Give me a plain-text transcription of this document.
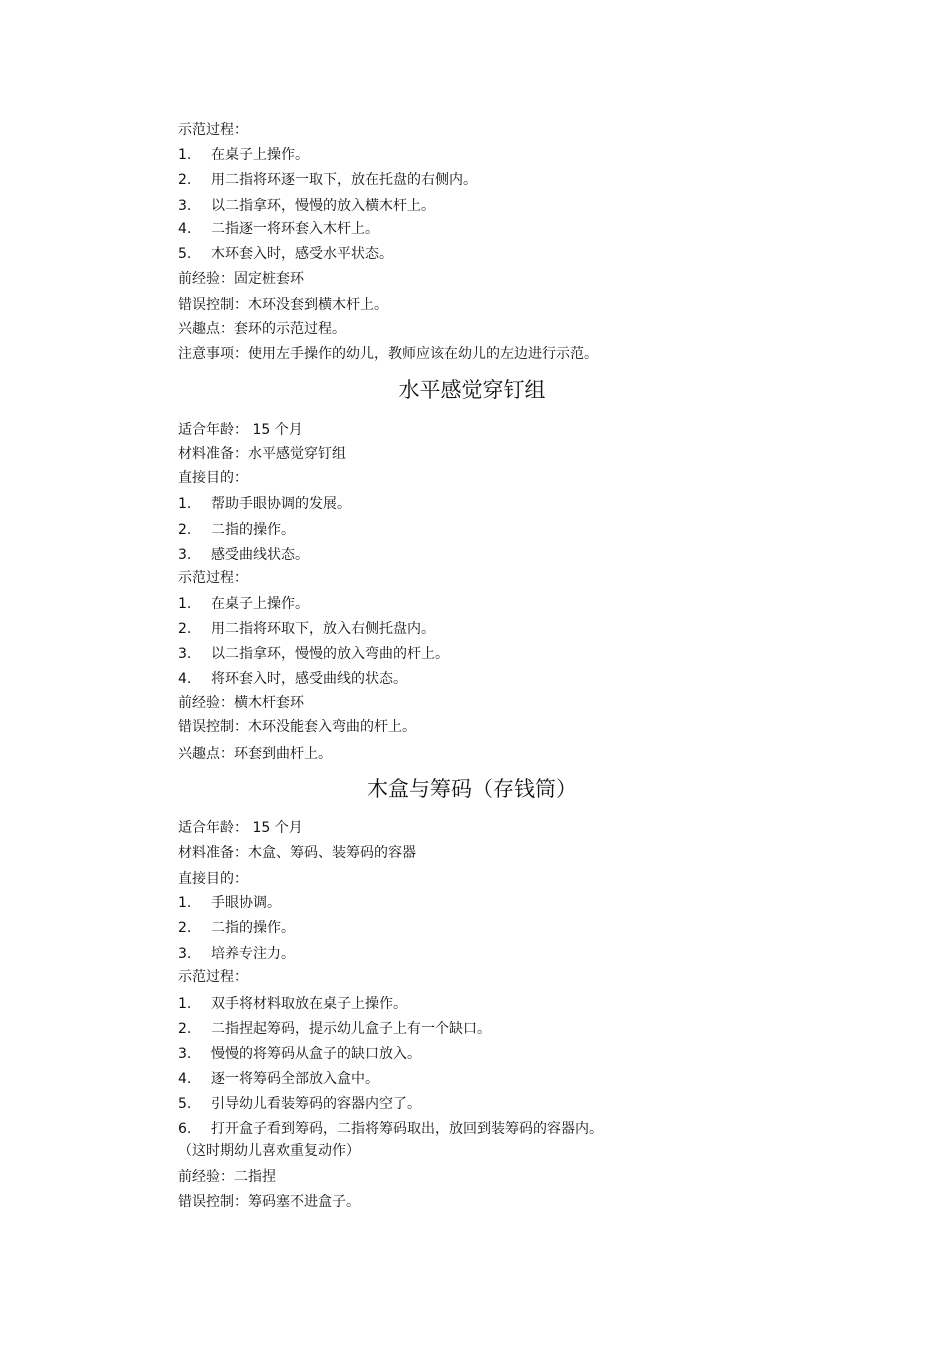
示范过程：
1. 在桌子上操作。
2. 用二指将环逐一取下，放在托盘的右侧内。
3. 以二指拿环，慢慢的放入横木杆上。
4. 二指逐一将环套入木杆上。
5. 木环套入时，感受水平状态。
前经验：固定桩套环
错误控制：木环没套到横木杆上。
兴趣点：套环的示范过程。
注意事项：使用左手操作的幼儿，教师应该在幼儿的左边进行示范。
水平感觉穿钉组
适合年龄： 15 个月
材料准备：水平感觉穿钉组
直接目的：
1. 帮助手眼协调的发展。
2. 二指的操作。
3. 感受曲线状态。
示范过程：
1. 在桌子上操作。
2. 用二指将环取下，放入右侧托盘内。
3. 以二指拿环，慢慢的放入弯曲的杆上。
4. 将环套入时，感受曲线的状态。
前经验：横木杆套环
错误控制：木环没能套入弯曲的杆上。
兴趣点：环套到曲杆上。
木盒与筹码（存钱筒）
适合年龄： 15 个月
材料准备：木盒、筹码、装筹码的容器
直接目的：
1. 手眼协调。
2. 二指的操作。
3. 培养专注力。
示范过程：
1. 双手将材料取放在桌子上操作。
2. 二指捏起筹码，提示幼儿盒子上有一个缺口。
3. 慢慢的将筹码从盒子的缺口放入。
4. 逐一将筹码全部放入盒中。
5. 引导幼儿看装筹码的容器内空了。
6. 打开盒子看到筹码，二指将筹码取出，放回到装筹码的容器内。
（这时期幼儿喜欢重复动作）
前经验：二指捏
错误控制：筹码塞不进盒子。
